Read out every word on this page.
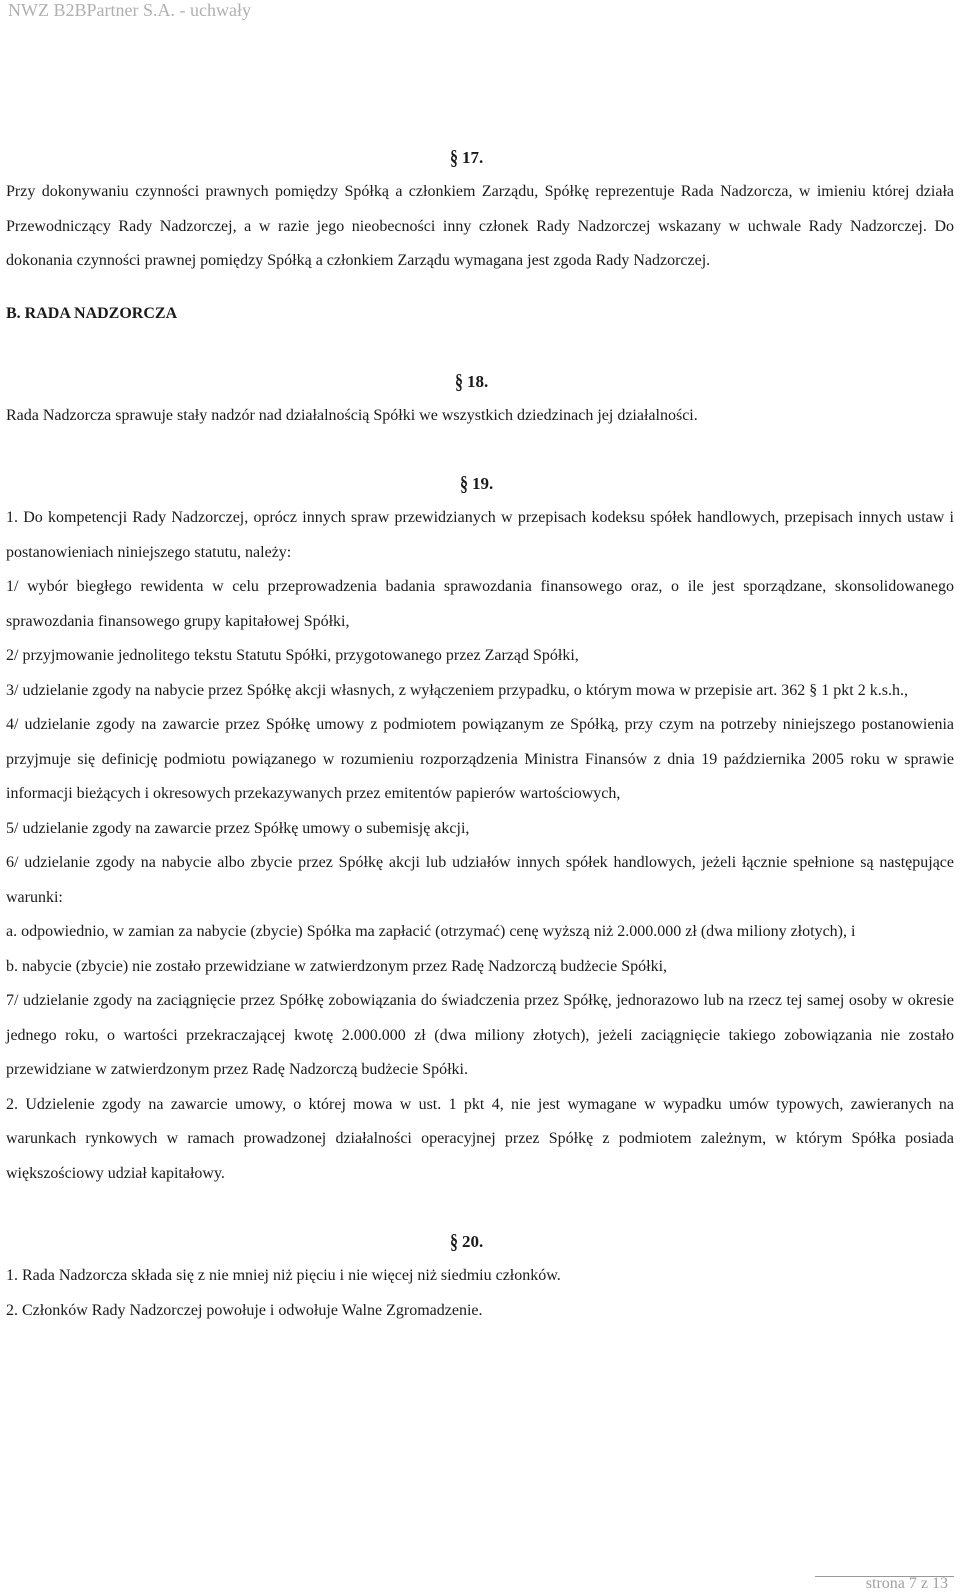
NWZ B2BPartner S.A. - uchwały
§ 17.

Przy dokonywaniu czynności prawnych pomiędzy Spółką a członkiem Zarządu, Spółkę reprezentuje Rada Nadzorcza, w imieniu której działa Przewodniczący Rady Nadzorczej, a w razie jego nieobecności inny członek Rady Nadzorczej wskazany w uchwale Rady Nadzorczej. Do dokonania czynności prawnej pomiędzy Spółką a członkiem Zarządu wymagana jest zgoda Rady Nadzorczej.

B. RADA NADZORCZA

§ 18.

Rada Nadzorcza sprawuje stały nadzór nad działalnością Spółki we wszystkich dziedzinach jej działalności.

§ 19.

1. Do kompetencji Rady Nadzorczej, oprócz innych spraw przewidzianych w przepisach kodeksu spółek handlowych, przepisach innych ustaw i postanowieniach niniejszego statutu, należy:

1/ wybór biegłego rewidenta w celu przeprowadzenia badania sprawozdania finansowego oraz, o ile jest sporządzane, skonsolidowanego sprawozdania finansowego grupy kapitałowej Spółki,

2/ przyjmowanie jednolitego tekstu Statutu Spółki, przygotowanego przez Zarząd Spółki,

3/ udzielanie zgody na nabycie przez Spółkę akcji własnych, z wyłączeniem przypadku, o którym mowa w przepisie art. 362 § 1 pkt 2 k.s.h.,

4/ udzielanie zgody na zawarcie przez Spółkę umowy z podmiotem powiązanym ze Spółką, przy czym na potrzeby niniejszego postanowienia przyjmuje się definicję podmiotu powiązanego w rozumieniu rozporządzenia Ministra Finansów z dnia 19 października 2005 roku w sprawie informacji bieżących i okresowych przekazywanych przez emitentów papierów wartościowych,

5/ udzielanie zgody na zawarcie przez Spółkę umowy o subemisję akcji,

6/ udzielanie zgody na nabycie albo zbycie przez Spółkę akcji lub udziałów innych spółek handlowych, jeżeli łącznie spełnione są następujące warunki:

a. odpowiednio, w zamian za nabycie (zbycie) Spółka ma zapłacić (otrzymać) cenę wyższą niż 2.000.000 zł (dwa miliony złotych), i

b. nabycie (zbycie) nie zostało przewidziane w zatwierdzonym przez Radę Nadzorczą budżecie Spółki,

7/ udzielanie zgody na zaciągnięcie przez Spółkę zobowiązania do świadczenia przez Spółkę, jednorazowo lub na rzecz tej samej osoby w okresie jednego roku, o wartości przekraczającej kwotę 2.000.000 zł (dwa miliony złotych), jeżeli zaciągnięcie takiego zobowiązania nie zostało przewidziane w zatwierdzonym przez Radę Nadzorczą budżecie Spółki.

2. Udzielenie zgody na zawarcie umowy, o której mowa w ust. 1 pkt 4, nie jest wymagane w wypadku umów typowych, zawieranych na warunkach rynkowych w ramach prowadzonej działalności operacyjnej przez Spółkę z podmiotem zależnym, w którym Spółka posiada większościowy udział kapitałowy.

§ 20.

1. Rada Nadzorcza składa się z nie mniej niż pięciu i nie więcej niż siedmiu członków.

2. Członków Rady Nadzorczej powołuje i odwołuje Walne Zgromadzenie.

strona 7 z 13
